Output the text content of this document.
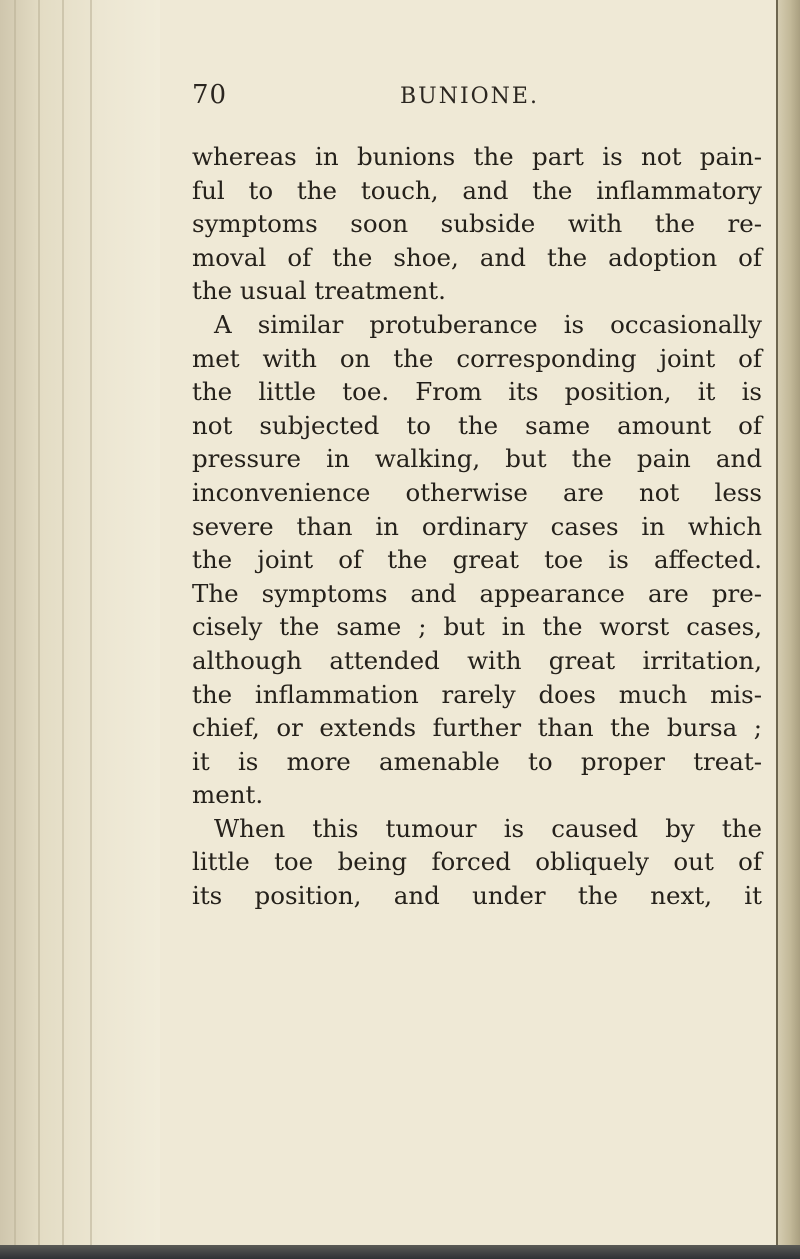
70	BUNIONE.
whereas in bunions the part is not pain-
ful to the touch, and the inflammatory
symptoms soon subside with the re-
moval of the shoe, and the adoption of
the usual treatment.
A similar protuberance is occasionally
met with on the corresponding joint of
the little toe. From its position, it is
not subjected to the same amount of
pressure in walking, but the pain and
inconvenience otherwise are not less
severe than in ordinary cases in which
the joint of the great toe is affected.
The symptoms and appearance are pre-
cisely the same ; but in the worst cases,
although attended with great irritation,
the inflammation rarely does much mis-
chief, or extends further than the bursa ;
it is more amenable to proper treat-
ment.
When this tumour is caused by the
little toe being forced obliquely out of
its position, and under the next, it
